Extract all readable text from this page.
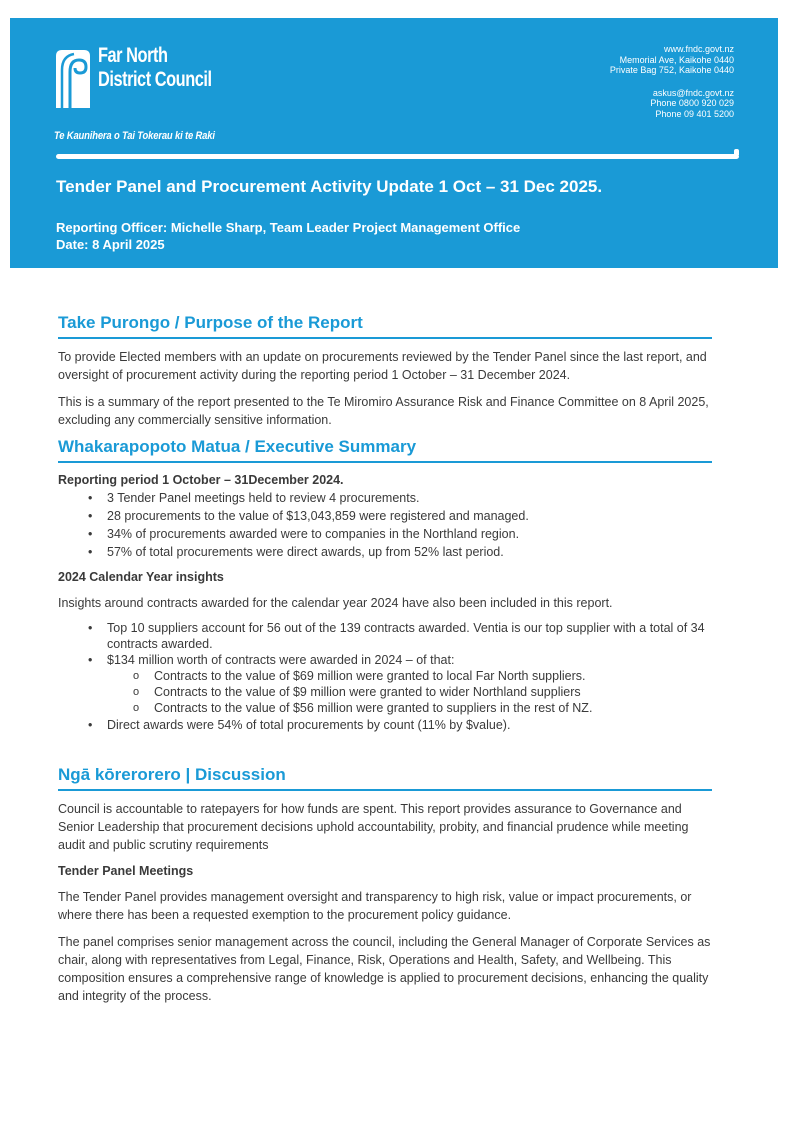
Far North
District Council
Te Kaunihera o Tai Tokerau ki te Raki
www.fndc.govt.nz
Memorial Ave, Kaikohe 0440
Private Bag 752, Kaikohe 0440
askus@fndc.govt.nz
Phone 0800 920 029
Phone 09 401 5200
Tender Panel and Procurement Activity Update 1 Oct – 31 Dec 2025.
Reporting Officer: Michelle Sharp, Team Leader Project Management Office
Date: 8 April 2025
Take Purongo / Purpose of the Report

To provide Elected members with an update on procurements reviewed by the Tender Panel since the last report, and oversight of procurement activity during the reporting period 1 October – 31 December 2024.

This is a summary of the report presented to the Te Miromiro Assurance Risk and Finance Committee on 8 April 2025, excluding any commercially sensitive information.

Whakarapopoto Matua / Executive Summary

Reporting period 1 October – 31December 2024.

• 3 Tender Panel meetings held to review 4 procurements.
• 28 procurements to the value of $13,043,859 were registered and managed.
• 34% of procurements awarded were to companies in the Northland region.
• 57% of total procurements were direct awards, up from 52% last period.

2024 Calendar Year insights

Insights around contracts awarded for the calendar year 2024 have also been included in this report.

• Top 10 suppliers account for 56 out of the 139 contracts awarded. Ventia is our top supplier with a total of 34 contracts awarded.
• $134 million worth of contracts were awarded in 2024 – of that:
o Contracts to the value of $69 million were granted to local Far North suppliers.
o Contracts to the value of $9 million were granted to wider Northland suppliers
o Contracts to the value of $56 million were granted to suppliers in the rest of NZ.
• Direct awards were 54% of total procurements by count (11% by $value).
Ngā kōrerorero | Discussion

Council is accountable to ratepayers for how funds are spent. This report provides assurance to Governance and Senior Leadership that procurement decisions uphold accountability, probity, and financial prudence while meeting audit and public scrutiny requirements

Tender Panel Meetings

The Tender Panel provides management oversight and transparency to high risk, value or impact procurements, or where there has been a requested exemption to the procurement policy guidance.

The panel comprises senior management across the council, including the General Manager of Corporate Services as chair, along with representatives from Legal, Finance, Risk, Operations and Health, Safety, and Wellbeing. This composition ensures a comprehensive range of knowledge is applied to procurement decisions, enhancing the quality and integrity of the process.
